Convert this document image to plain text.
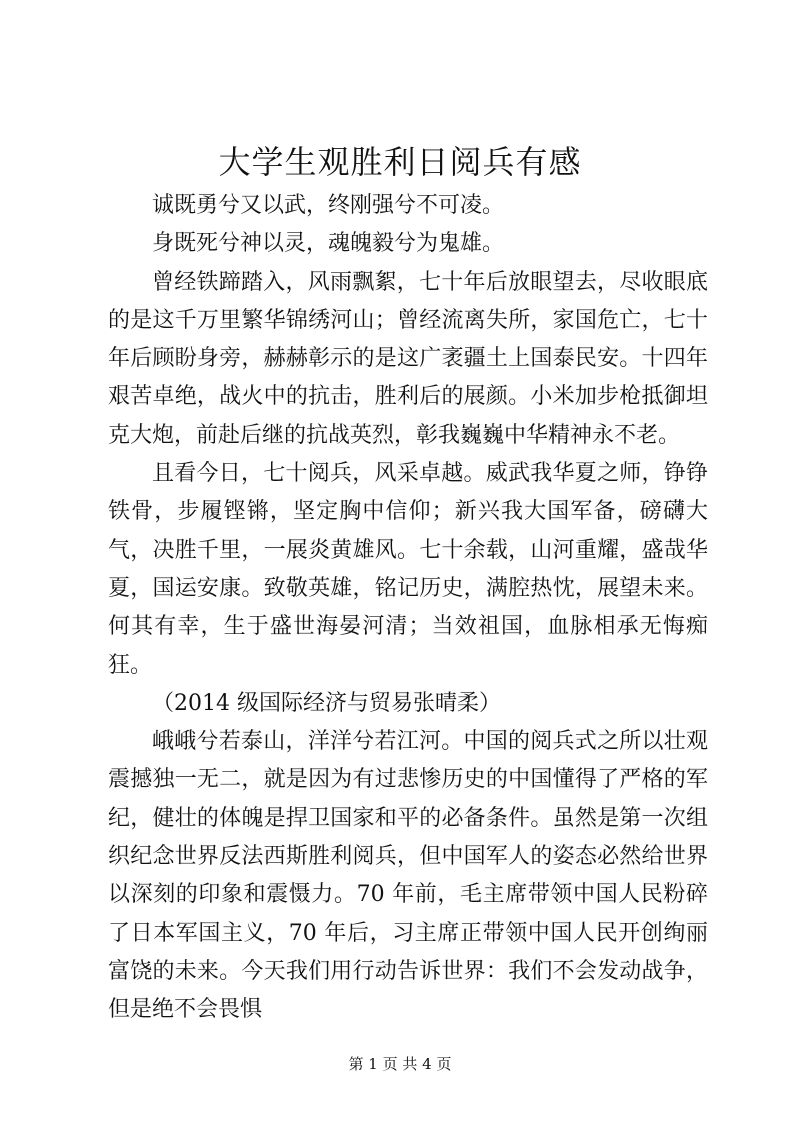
大学生观胜利日阅兵有感

诚既勇兮又以武，终刚强兮不可凌。

身既死兮神以灵，魂魄毅兮为鬼雄。

曾经铁蹄踏入，风雨飘絮，七十年后放眼望去，尽收眼底的是这千万里繁华锦绣河山；曾经流离失所，家国危亡，七十年后顾盼身旁，赫赫彰示的是这广袤疆土上国泰民安。十四年艰苦卓绝，战火中的抗击，胜利后的展颜。小米加步枪抵御坦克大炮，前赴后继的抗战英烈，彰我巍巍中华精神永不老。

且看今日，七十阅兵，风采卓越。威武我华夏之师，铮铮铁骨，步履铿锵，坚定胸中信仰；新兴我大国军备，磅礴大气，决胜千里，一展炎黄雄风。七十余载，山河重耀，盛哉华夏，国运安康。致敬英雄，铭记历史，满腔热忱，展望未来。何其有幸，生于盛世海晏河清；当效祖国，血脉相承无悔痴狂。

（2014 级国际经济与贸易张晴柔）

峨峨兮若泰山，洋洋兮若江河。中国的阅兵式之所以壮观震撼独一无二，就是因为有过悲惨历史的中国懂得了严格的军纪，健壮的体魄是捍卫国家和平的必备条件。虽然是第一次组织纪念世界反法西斯胜利阅兵，但中国军人的姿态必然给世界以深刻的印象和震慑力。70 年前，毛主席带领中国人民粉碎了日本军国主义，70 年后，习主席正带领中国人民开创绚丽富饶的未来。今天我们用行动告诉世界：我们不会发动战争，但是绝不会畏惧

第 1 页 共 4 页
